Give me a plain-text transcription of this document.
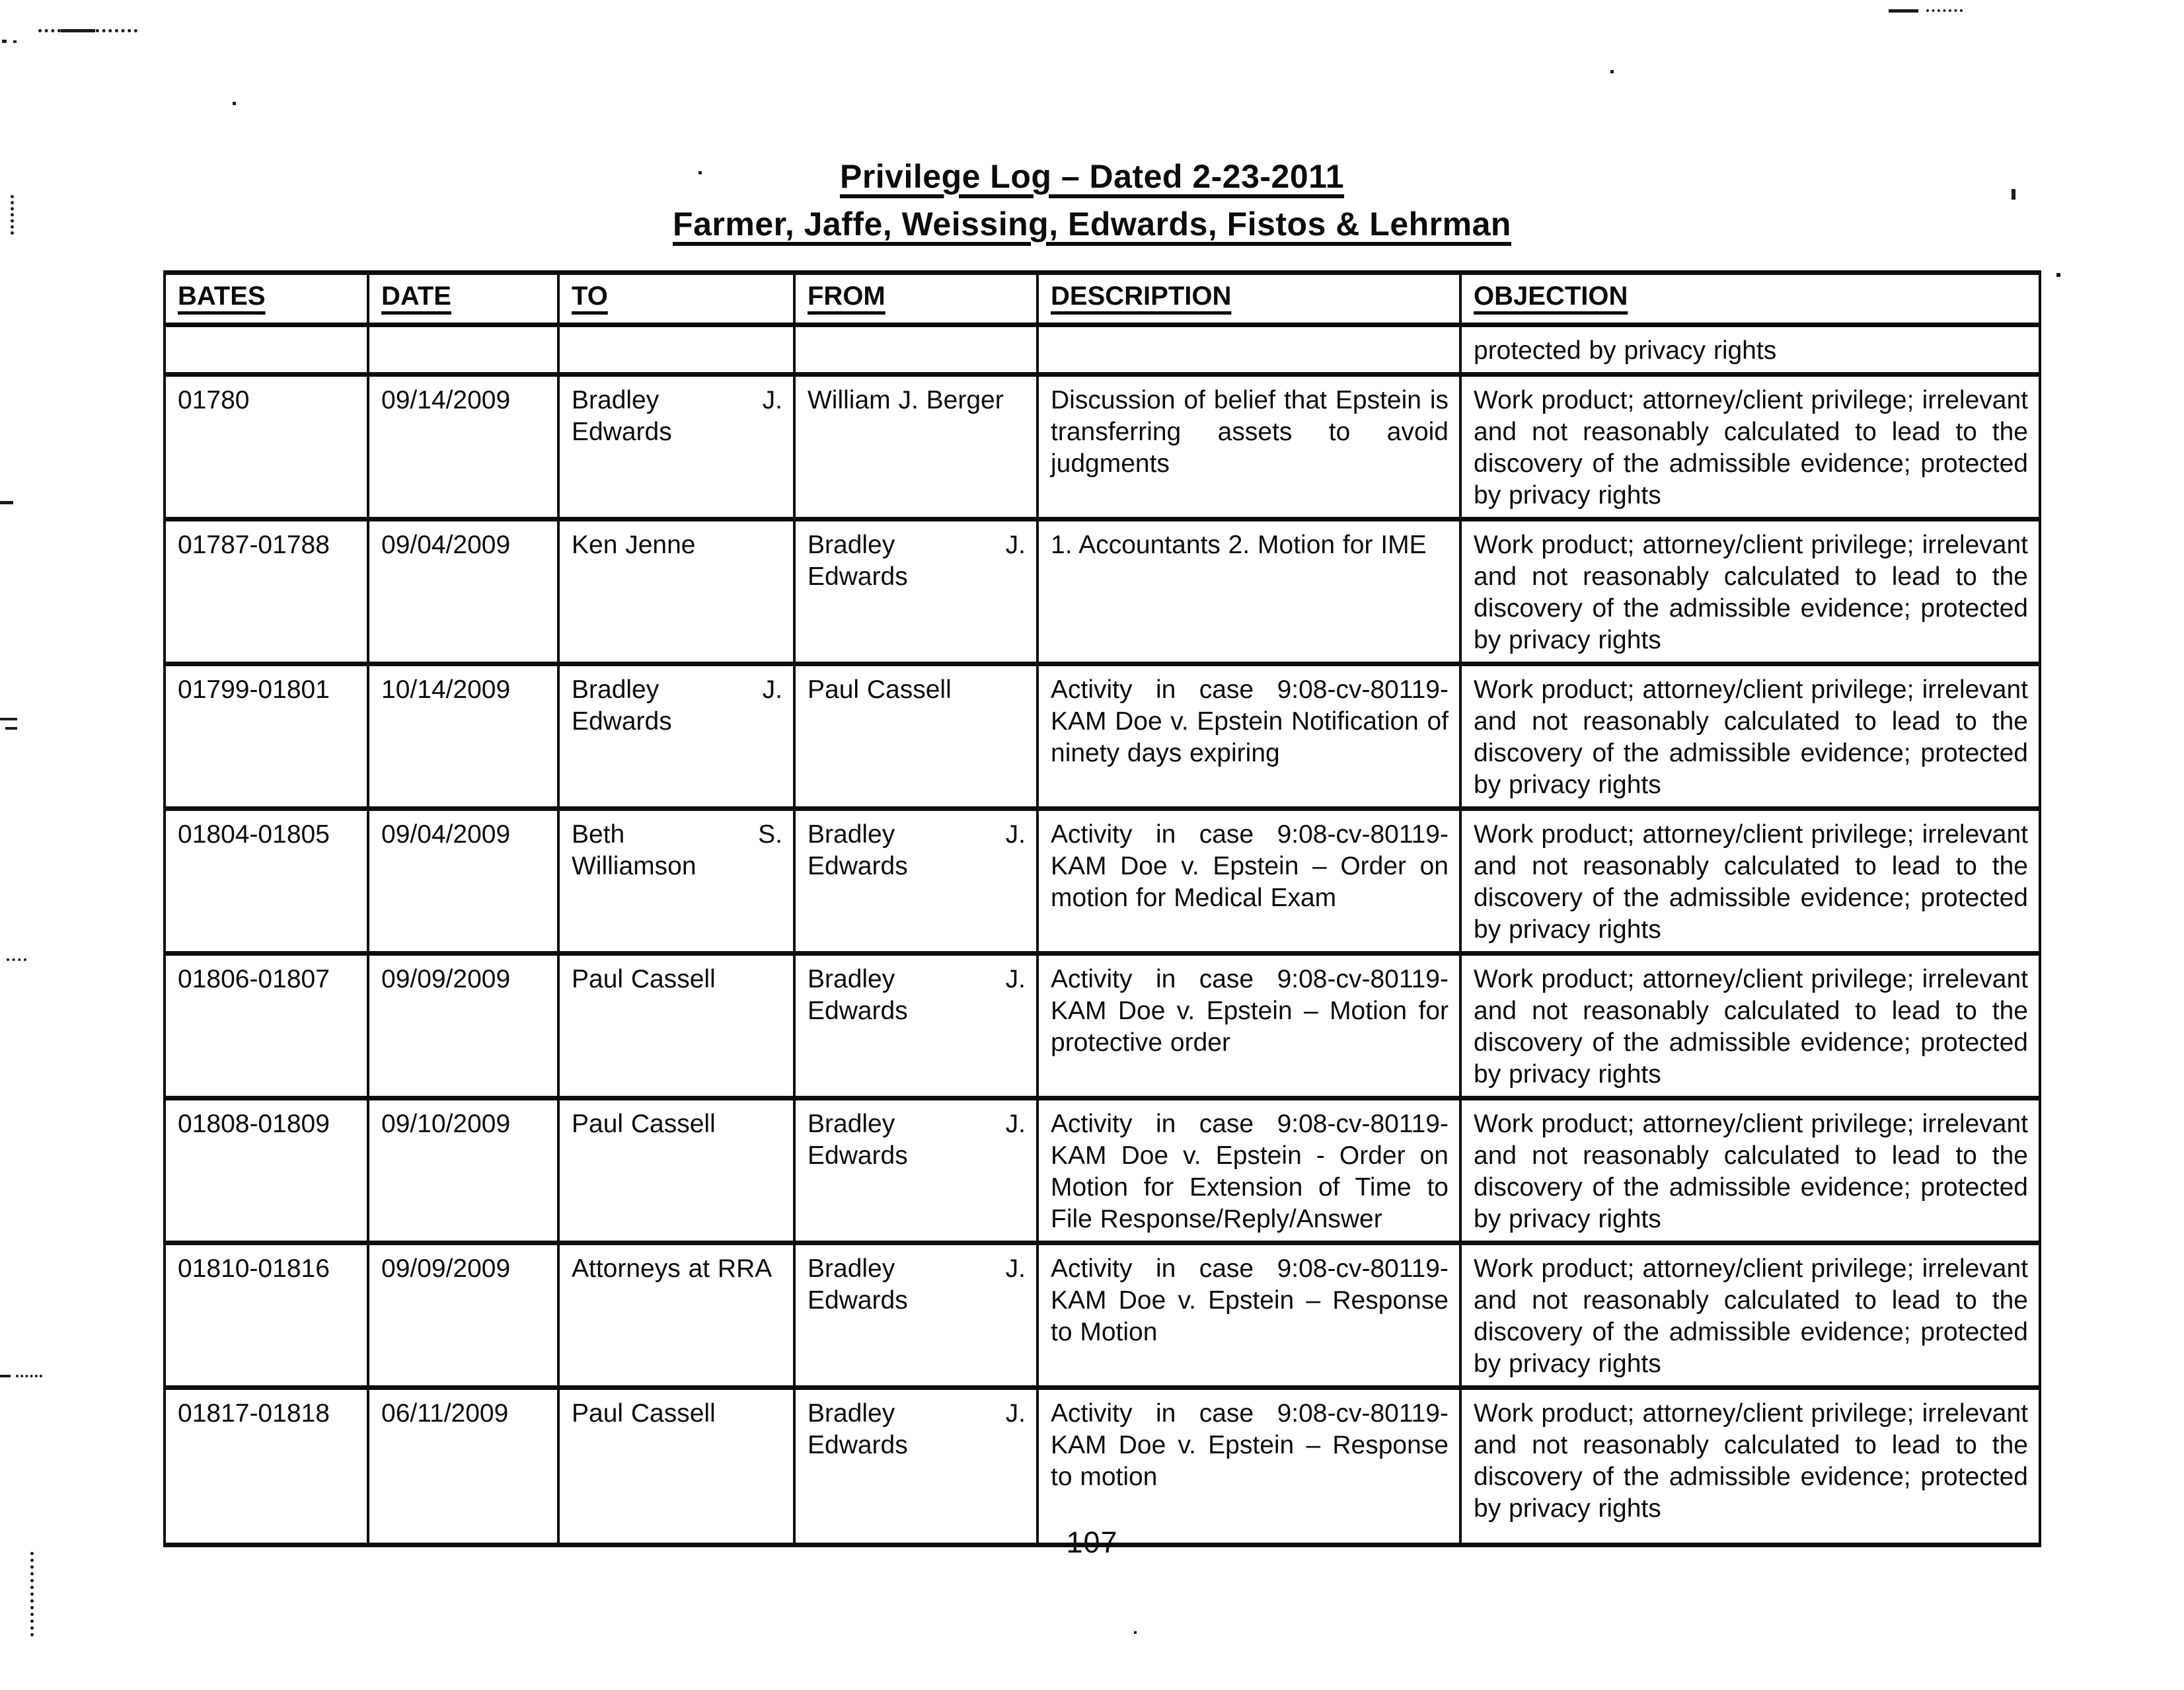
Privilege Log – Dated 2-23-2011
Farmer, Jaffe, Weissing, Edwards, Fistos & Lehrman
BATES	DATE	TO	FROM	DESCRIPTION	OBJECTION
					protected by privacy rights
01780	09/14/2009	Bradley J. Edwards	William J. Berger	Discussion of belief that Epstein is transferring assets to avoid judgments	Work product; attorney/client privilege; irrelevant and not reasonably calculated to lead to the discovery of the admissible evidence; protected by privacy rights
01787-01788	09/04/2009	Ken Jenne	Bradley J. Edwards	1. Accountants 2. Motion for IME	Work product; attorney/client privilege; irrelevant and not reasonably calculated to lead to the discovery of the admissible evidence; protected by privacy rights
01799-01801	10/14/2009	Bradley J. Edwards	Paul Cassell	Activity in case 9:08-cv-80119-KAM Doe v. Epstein Notification of ninety days expiring	Work product; attorney/client privilege; irrelevant and not reasonably calculated to lead to the discovery of the admissible evidence; protected by privacy rights
01804-01805	09/04/2009	Beth S. Williamson	Bradley J. Edwards	Activity in case 9:08-cv-80119-KAM Doe v. Epstein – Order on motion for Medical Exam	Work product; attorney/client privilege; irrelevant and not reasonably calculated to lead to the discovery of the admissible evidence; protected by privacy rights
01806-01807	09/09/2009	Paul Cassell	Bradley J. Edwards	Activity in case 9:08-cv-80119-KAM Doe v. Epstein – Motion for protective order	Work product; attorney/client privilege; irrelevant and not reasonably calculated to lead to the discovery of the admissible evidence; protected by privacy rights
01808-01809	09/10/2009	Paul Cassell	Bradley J. Edwards	Activity in case 9:08-cv-80119-KAM Doe v. Epstein - Order on Motion for Extension of Time to File Response/Reply/Answer	Work product; attorney/client privilege; irrelevant and not reasonably calculated to lead to the discovery of the admissible evidence; protected by privacy rights
01810-01816	09/09/2009	Attorneys at RRA	Bradley J. Edwards	Activity in case 9:08-cv-80119-KAM Doe v. Epstein – Response to Motion	Work product; attorney/client privilege; irrelevant and not reasonably calculated to lead to the discovery of the admissible evidence; protected by privacy rights
01817-01818	06/11/2009	Paul Cassell	Bradley J. Edwards	Activity in case 9:08-cv-80119-KAM Doe v. Epstein – Response to motion	Work product; attorney/client privilege; irrelevant and not reasonably calculated to lead to the discovery of the admissible evidence; protected by privacy rights
107
